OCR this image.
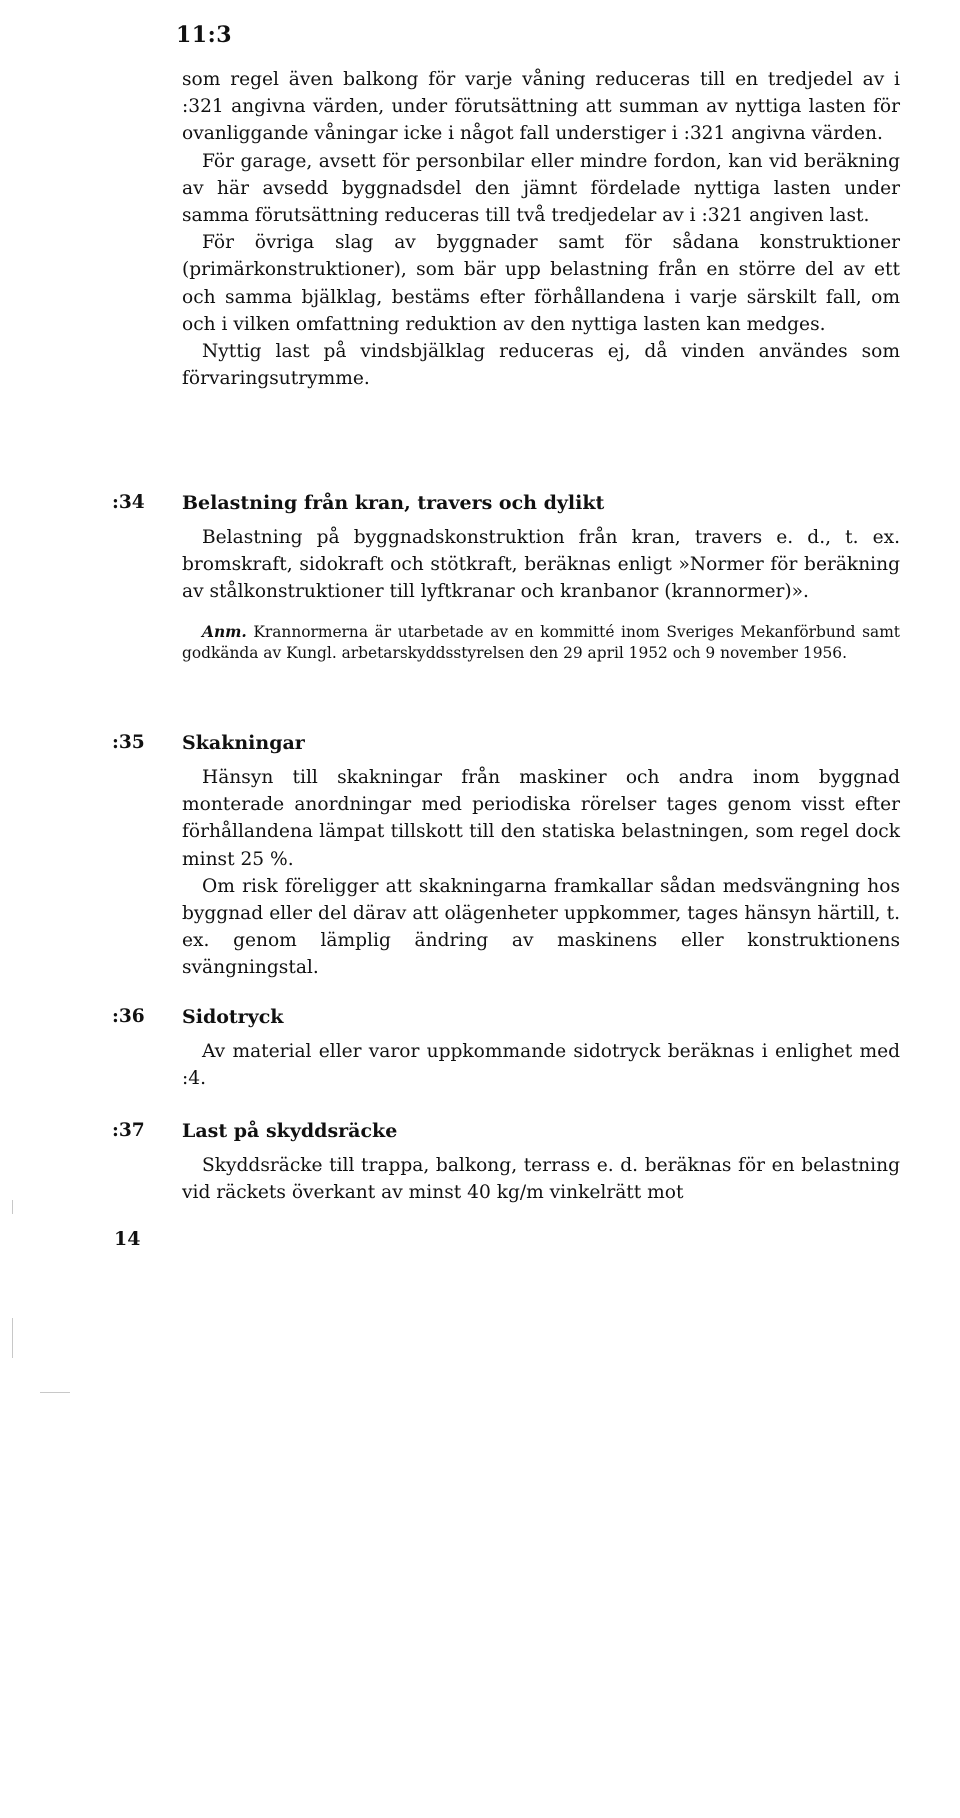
11:3

som regel även balkong för varje våning reduceras till en tredjedel av i :321 angivna värden, under förutsättning att summan av nyttiga lasten för ovanliggande våningar icke i något fall understiger i :321 angivna värden.

För garage, avsett för personbilar eller mindre fordon, kan vid beräkning av här avsedd byggnadsdel den jämnt fördelade nyttiga lasten under samma förutsättning reduceras till två tredjedelar av i :321 angiven last.

För övriga slag av byggnader samt för sådana konstruktioner (primärkonstruktioner), som bär upp belastning från en större del av ett och samma bjälklag, bestäms efter förhållandena i varje särskilt fall, om och i vilken omfattning reduktion av den nyttiga lasten kan medges.

Nyttig last på vindsbjälklag reduceras ej, då vinden användes som förvaringsutrymme.

:34 Belastning från kran, travers och dylikt

Belastning på byggnadskonstruktion från kran, travers e. d., t. ex. bromskraft, sidokraft och stötkraft, beräknas enligt »Normer för beräkning av stålkonstruktioner till lyftkranar och kranbanor (krannormer)».

Anm. Krannormerna är utarbetade av en kommitté inom Sveriges Mekanförbund samt godkända av Kungl. arbetarskyddsstyrelsen den 29 april 1952 och 9 november 1956.

:35 Skakningar

Hänsyn till skakningar från maskiner och andra inom byggnad monterade anordningar med periodiska rörelser tages genom visst efter förhållandena lämpat tillskott till den statiska belastningen, som regel dock minst 25 %.

Om risk föreligger att skakningarna framkallar sådan medsvängning hos byggnad eller del därav att olägenheter uppkommer, tages hänsyn härtill, t. ex. genom lämplig ändring av maskinens eller konstruktionens svängningstal.

:36 Sidotryck

Av material eller varor uppkommande sidotryck beräknas i enlighet med :4.

:37 Last på skyddsräcke

Skyddsräcke till trappa, balkong, terrass e. d. beräknas för en belastning vid räckets överkant av minst 40 kg/m vinkelrätt mot

14
